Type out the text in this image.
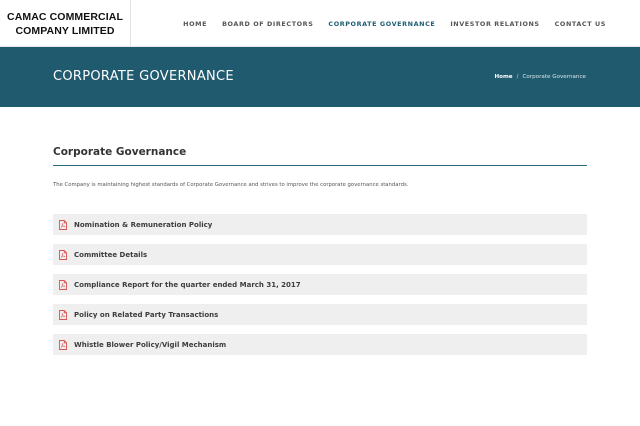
CAMAC COMMERCIAL
COMPANY LIMITED
HOME BOARD OF DIRECTORS CORPORATE GOVERNANCE INVESTOR RELATIONS CONTACT US
CORPORATE GOVERNANCE	Home / Corporate Governance
Corporate Governance

The Company is maintaining highest standards of Corporate Governance and strives to improve the corporate governance standards.

Nomination & Remuneration Policy
Committee Details
Compliance Report for the quarter ended March 31, 2017
Policy on Related Party Transactions
Whistle Blower Policy/Vigil Mechanism
